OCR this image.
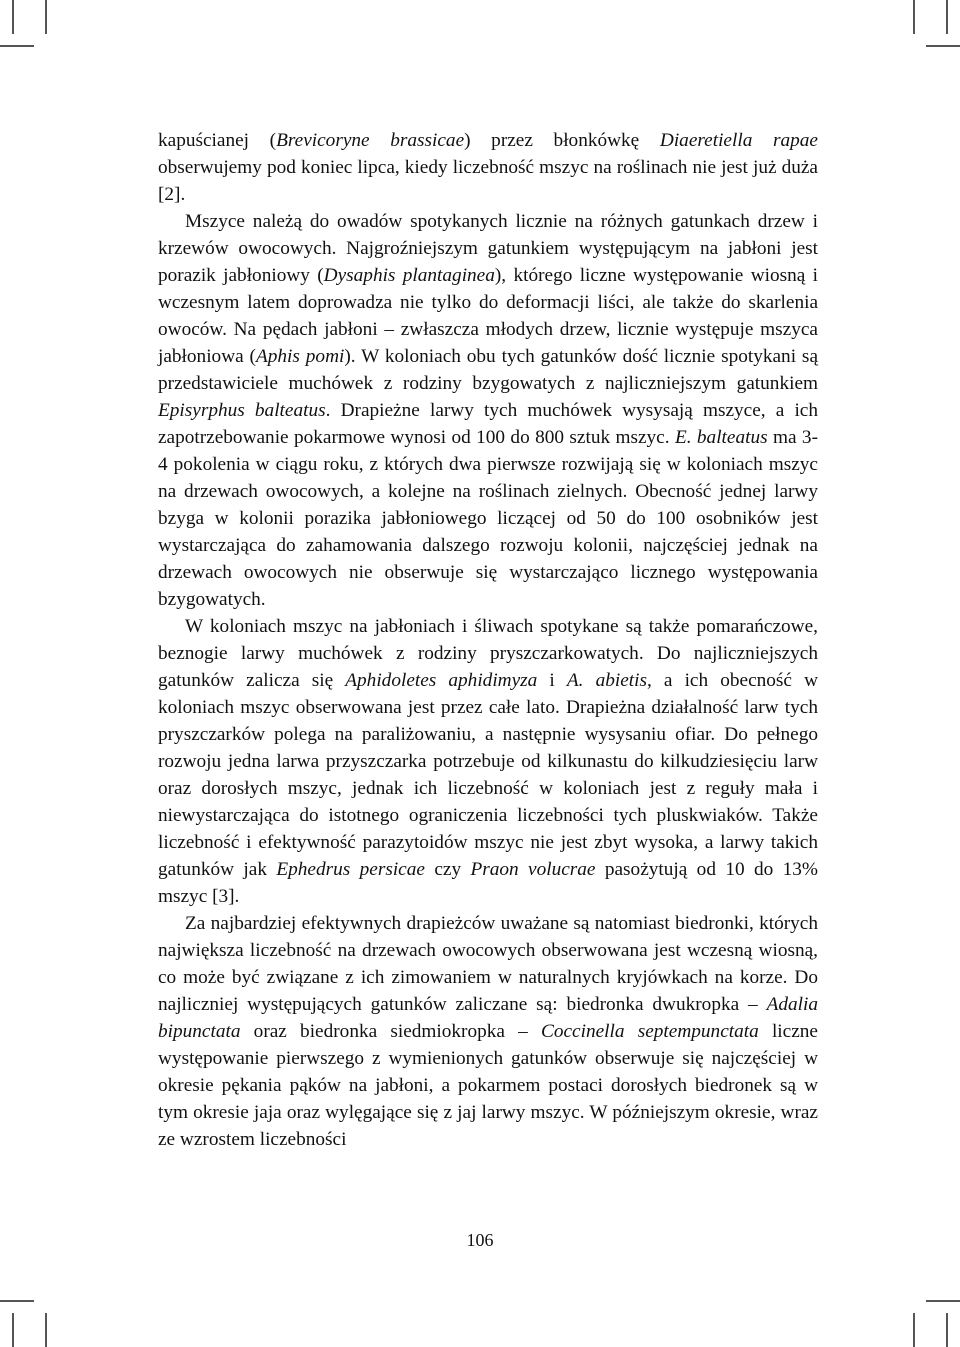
kapuścianej (Brevicoryne brassicae) przez błonkówkę Diaeretiella rapae obserwujemy pod koniec lipca, kiedy liczebność mszyc na roślinach nie jest już duża [2].

Mszyce należą do owadów spotykanych licznie na różnych gatunkach drzew i krzewów owocowych. Najgroźniejszym gatunkiem występującym na jabłoni jest porazik jabłoniowy (Dysaphis plantaginea), którego liczne występowanie wiosną i wczesnym latem doprowadza nie tylko do deformacji liści, ale także do skarlenia owoców. Na pędach jabłoni – zwłaszcza młodych drzew, licznie występuje mszyca jabłoniowa (Aphis pomi). W koloniach obu tych gatunków dość licznie spotykani są przedstawiciele muchówek z rodziny bzygowatych z najliczniejszym gatunkiem Episyrphus balteatus. Drapieżne larwy tych muchówek wysysają mszyce, a ich zapotrzebowanie pokarmowe wynosi od 100 do 800 sztuk mszyc. E. balteatus ma 3-4 pokolenia w ciągu roku, z których dwa pierwsze rozwijają się w koloniach mszyc na drzewach owocowych, a kolejne na roślinach zielnych. Obecność jednej larwy bzyga w kolonii porazika jabłoniowego liczącej od 50 do 100 osobników jest wystarczająca do zahamowania dalszego rozwoju kolonii, najczęściej jednak na drzewach owocowych nie obserwuje się wystarczająco licznego występowania bzygowatych.

W koloniach mszyc na jabłoniach i śliwach spotykane są także pomarańczowe, beznogie larwy muchówek z rodziny pryszczarkowatych. Do najliczniejszych gatunków zalicza się Aphidoletes aphidimyza i A. abietis, a ich obecność w koloniach mszyc obserwowana jest przez całe lato. Drapieżna działalność larw tych pryszczarków polega na paraliżowaniu, a następnie wysysaniu ofiar. Do pełnego rozwoju jedna larwa przyszczarka potrzebuje od kilkunastu do kilkudziesięciu larw oraz dorosłych mszyc, jednak ich liczebność w koloniach jest z reguły mała i niewystarczająca do istotnego ograniczenia liczebności tych pluskwiaków. Także liczebność i efektywność parazytoidów mszyc nie jest zbyt wysoka, a larwy takich gatunków jak Ephedrus persicae czy Praon volucrae pasożytują od 10 do 13% mszyc [3].

Za najbardziej efektywnych drapieżców uważane są natomiast biedronki, których największa liczebność na drzewach owocowych obserwowana jest wczesną wiosną, co może być związane z ich zimowaniem w naturalnych kryjówkach na korze. Do najliczniej występujących gatunków zaliczane są: biedronka dwukropka – Adalia bipunctata oraz biedronka siedmiokropka – Coccinella septempunctata liczne występowanie pierwszego z wymienionych gatunków obserwuje się najczęściej w okresie pękania pąków na jabłoni, a pokarmem postaci dorosłych biedronek są w tym okresie jaja oraz wylęgające się z jaj larwy mszyc. W późniejszym okresie, wraz ze wzrostem liczebności

106
